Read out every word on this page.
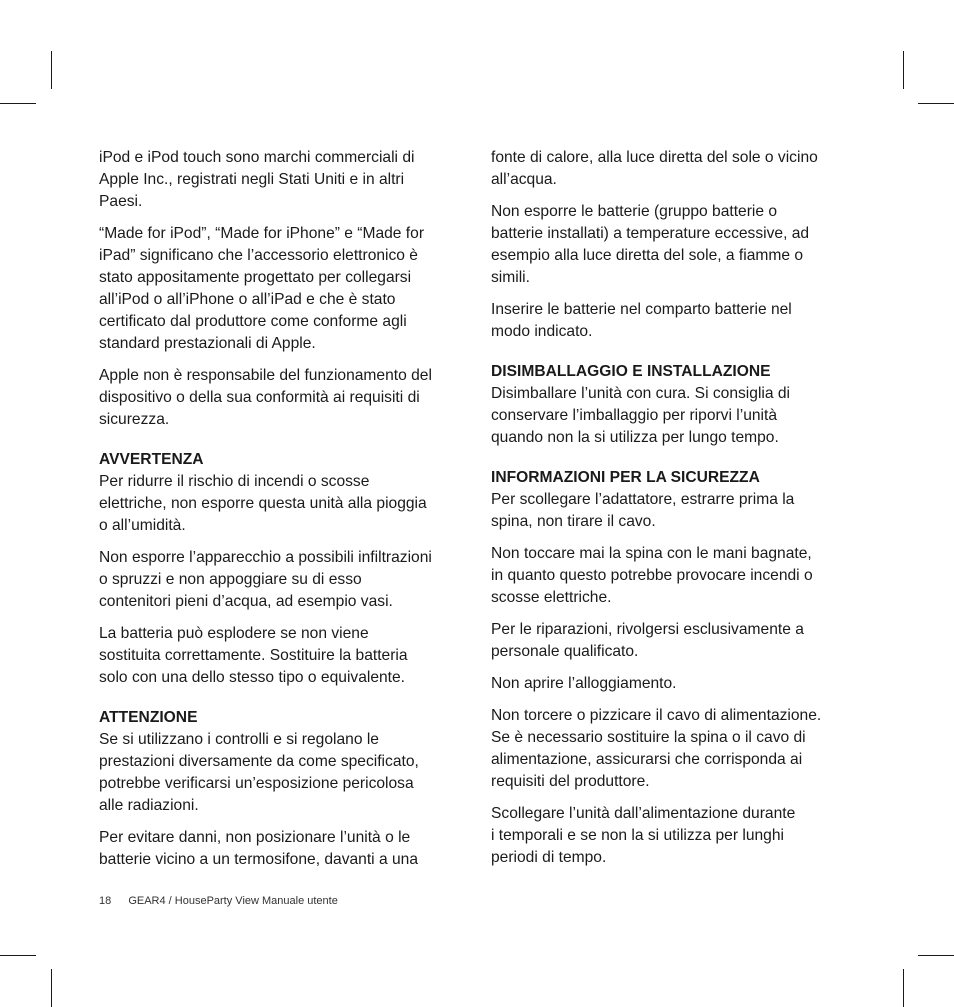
iPod e iPod touch sono marchi commerciali di
Apple Inc., registrati negli Stati Uniti e in altri
Paesi.

“Made for iPod”, “Made for iPhone” e “Made for
iPad” significano che l’accessorio elettronico è
stato appositamente progettato per collegarsi
all’iPod o all’iPhone o all’iPad e che è stato
certificato dal produttore come conforme agli
standard prestazionali di Apple.

Apple non è responsabile del funzionamento del
dispositivo o della sua conformità ai requisiti di
sicurezza.

AVVERTENZA

Per ridurre il rischio di incendi o scosse
elettriche, non esporre questa unità alla pioggia
o all’umidità.

Non esporre l’apparecchio a possibili infiltrazioni
o spruzzi e non appoggiare su di esso
contenitori pieni d’acqua, ad esempio vasi.

La batteria può esplodere se non viene
sostituita correttamente. Sostituire la batteria
solo con una dello stesso tipo o equivalente.

ATTENZIONE

Se si utilizzano i controlli e si regolano le
prestazioni diversamente da come specificato,
potrebbe verificarsi un’esposizione pericolosa
alle radiazioni.

Per evitare danni, non posizionare l’unità o le
batterie vicino a un termosifone, davanti a una

fonte di calore, alla luce diretta del sole o vicino
all’acqua.

Non esporre le batterie (gruppo batterie o
batterie installati) a temperature eccessive, ad
esempio alla luce diretta del sole, a fiamme o
simili.

Inserire le batterie nel comparto batterie nel
modo indicato.

DISIMBALLAGGIO E INSTALLAZIONE

Disimballare l’unità con cura. Si consiglia di
conservare l’imballaggio per riporvi l’unità
quando non la si utilizza per lungo tempo.

INFORMAZIONI PER LA SICUREZZA

Per scollegare l’adattatore, estrarre prima la
spina, non tirare il cavo.

Non toccare mai la spina con le mani bagnate,
in quanto questo potrebbe provocare incendi o
scosse elettriche.

Per le riparazioni, rivolgersi esclusivamente a
personale qualificato.

Non aprire l’alloggiamento.

Non torcere o pizzicare il cavo di alimentazione.
Se è necessario sostituire la spina o il cavo di
alimentazione, assicurarsi che corrisponda ai
requisiti del produttore.

Scollegare l’unità dall’alimentazione durante
i temporali e se non la si utilizza per lunghi
periodi di tempo.

18 GEAR4 / HouseParty View Manuale utente
